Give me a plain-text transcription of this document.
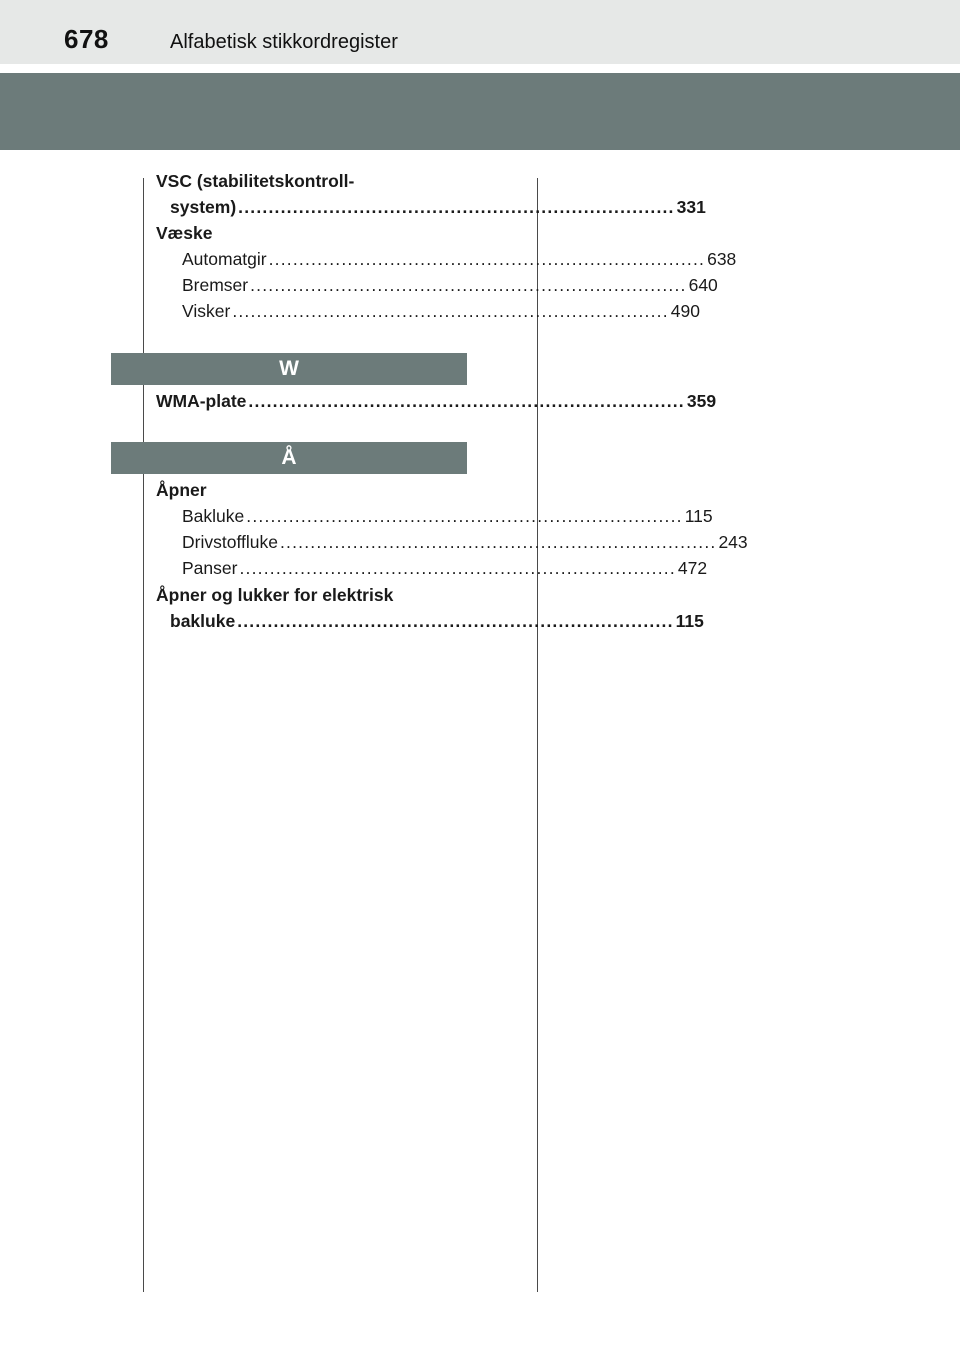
678	Alfabetisk stikkordregister
VSC (stabilitetskontroll-
system) ........................................................................ 331
Væske
Automatgir ........................................................................ 638
Bremser ........................................................................ 640
Visker ........................................................................ 490
W
WMA-plate ........................................................................ 359
Å
Åpner
Bakluke ........................................................................ 115
Drivstoffluke ........................................................................ 243
Panser ........................................................................ 472
Åpner og lukker for elektrisk
bakluke ........................................................................ 115
